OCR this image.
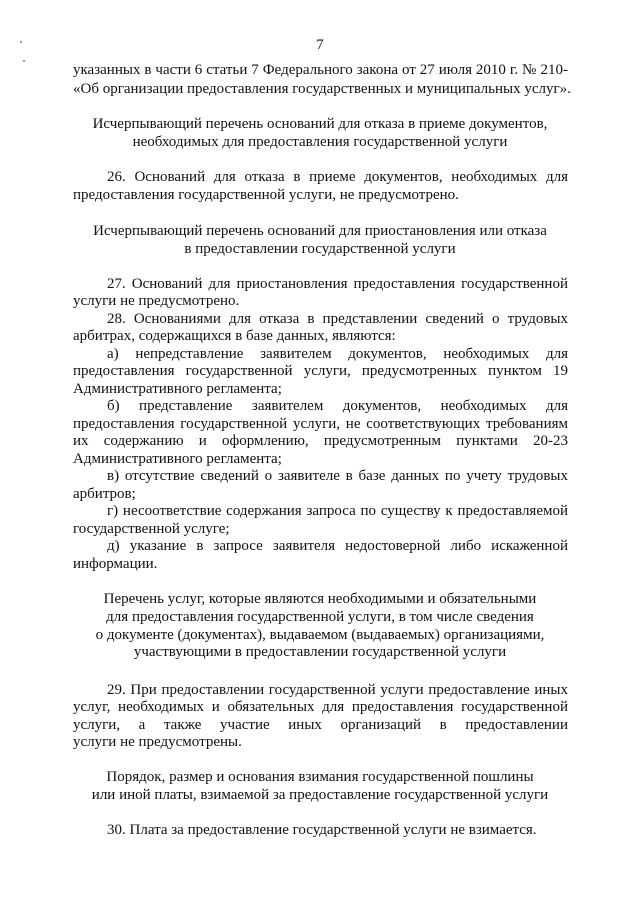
7
указанных в части 6 статьи 7 Федерального закона от 27 июля 2010 г. № 210-
«Об организации предоставления государственных и муниципальных услуг».
Исчерпывающий перечень оснований для отказа в приеме документов,
необходимых для предоставления государственной услуги
26. Оснований для отказа в приеме документов, необходимых для
предоставления государственной услуги, не предусмотрено.
Исчерпывающий перечень оснований для приостановления или отказа
в предоставлении государственной услуги
27. Оснований для приостановления предоставления государственной
услуги не предусмотрено.
28. Основаниями для отказа в представлении сведений о трудовых
арбитрах, содержащихся в базе данных, являются:
а) непредставление заявителем документов, необходимых для
предоставления государственной услуги, предусмотренных пунктом 19
Административного регламента;
б) представление заявителем документов, необходимых для
предоставления государственной услуги, не соответствующих требованиям
их содержанию и оформлению, предусмотренным пунктами 20-23
Административного регламента;
в) отсутствие сведений о заявителе в базе данных по учету трудовых
арбитров;
г) несоответствие содержания запроса по существу к предоставляемой
государственной услуге;
д) указание в запросе заявителя недостоверной либо искаженной
информации.
Перечень услуг, которые являются необходимыми и обязательными
для предоставления государственной услуги, в том числе сведения
о документе (документах), выдаваемом (выдаваемых) организациями,
участвующими в предоставлении государственной услуги
29. При предоставлении государственной услуги предоставление иных
услуг, необходимых и обязательных для предоставления государственной
услуги, а также участие иных организаций в предоставлении
услуги не предусмотрены.
Порядок, размер и основания взимания государственной пошлины
или иной платы, взимаемой за предоставление государственной услуги
30. Плата за предоставление государственной услуги не взимается.
